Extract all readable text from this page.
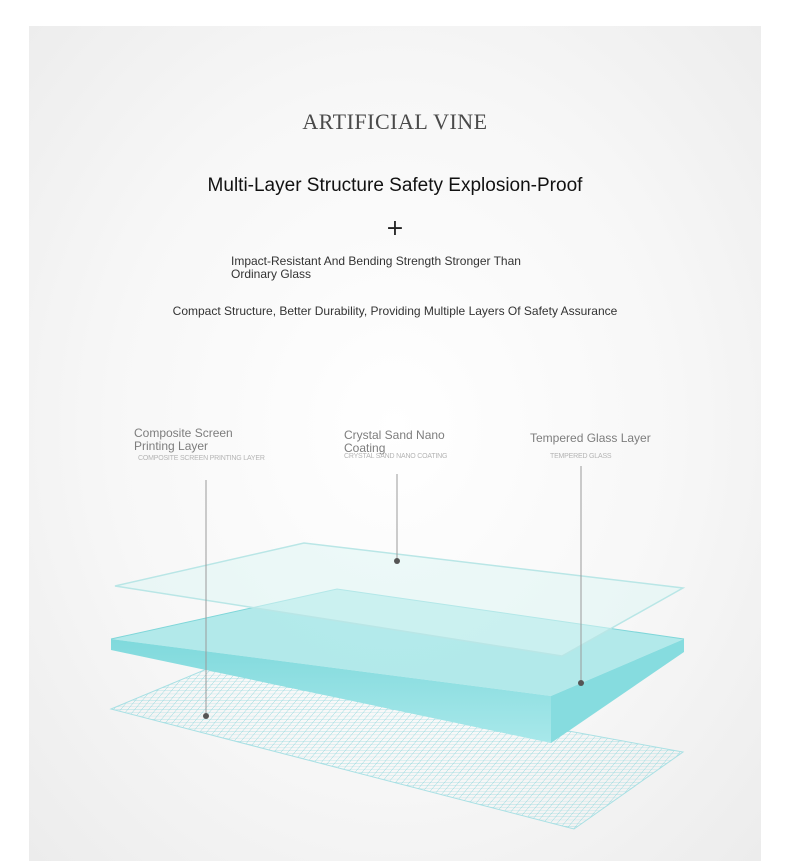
ARTIFICIAL VINE
Multi-Layer Structure Safety Explosion-Proof
+
Impact-Resistant And Bending Strength Stronger Than Ordinary Glass
Compact Structure, Better Durability, Providing Multiple Layers Of Safety Assurance
Composite Screen Printing Layer
COMPOSITE SCREEN PRINTING LAYER
Crystal Sand Nano Coating
CRYSTAL SAND NANO COATING
Tempered Glass Layer
TEMPERED GLASS
